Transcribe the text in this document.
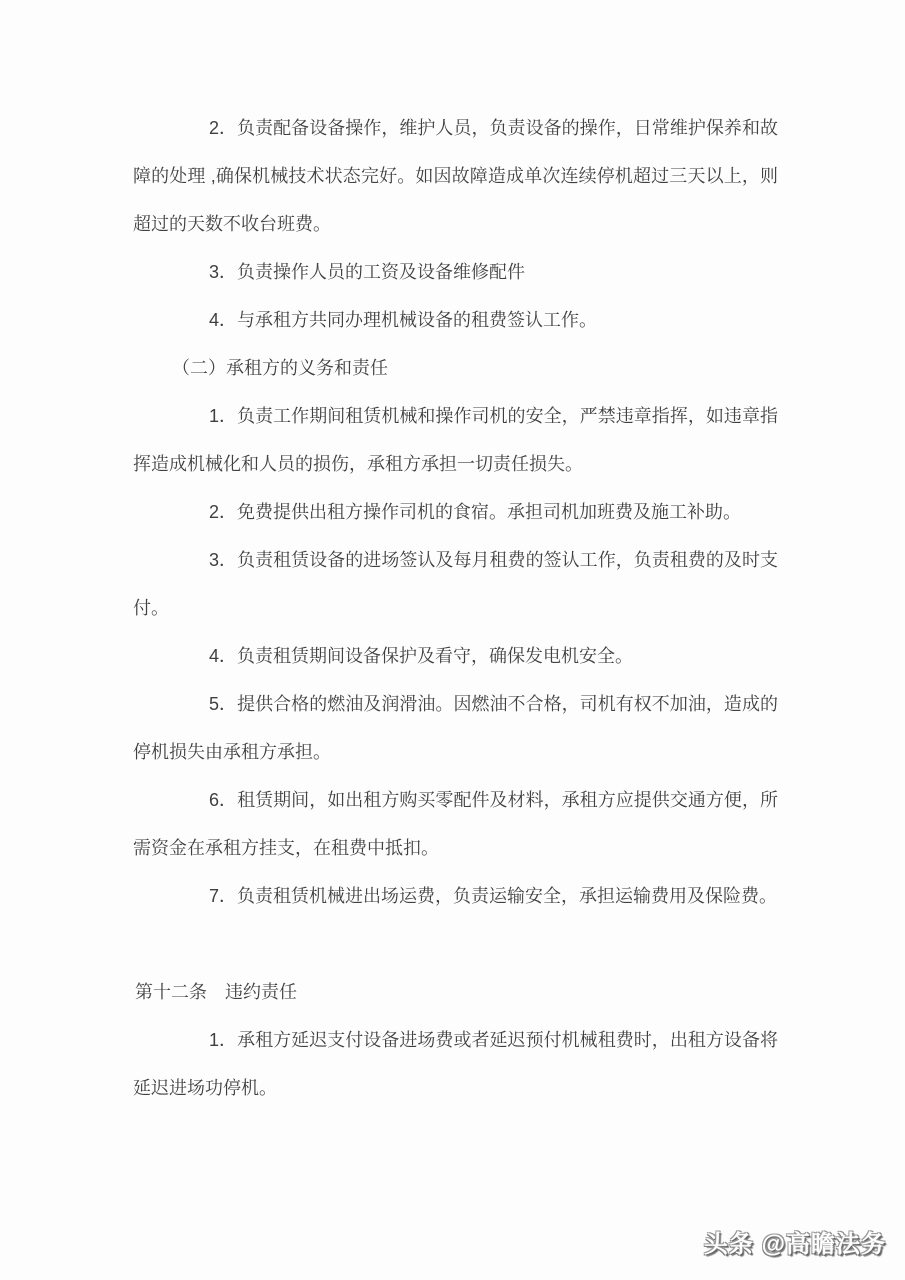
2．负责配备设备操作，维护人员，负责设备的操作，日常维护保养和故障的处理 ,确保机械技术状态完好。如因故障造成单次连续停机超过三天以上，则超过的天数不收台班费。

3．负责操作人员的工资及设备维修配件

4．与承租方共同办理机械设备的租费签认工作。

（二）承租方的义务和责任

1．负责工作期间租赁机械和操作司机的安全，严禁违章指挥，如违章指挥造成机械化和人员的损伤，承租方承担一切责任损失。

2．免费提供出租方操作司机的食宿。承担司机加班费及施工补助。

3．负责租赁设备的进场签认及每月租费的签认工作，负责租费的及时支付。

4．负责租赁期间设备保护及看守，确保发电机安全。

5．提供合格的燃油及润滑油。因燃油不合格，司机有权不加油，造成的停机损失由承租方承担。

6．租赁期间，如出租方购买零配件及材料，承租方应提供交通方便，所需资金在承租方挂支，在租费中抵扣。

7．负责租赁机械进出场运费，负责运输安全，承担运输费用及保险费。

第十二条　违约责任

1．承租方延迟支付设备进场费或者延迟预付机械租费时，出租方设备将延迟进场功停机。

头条 @高瞻法务
